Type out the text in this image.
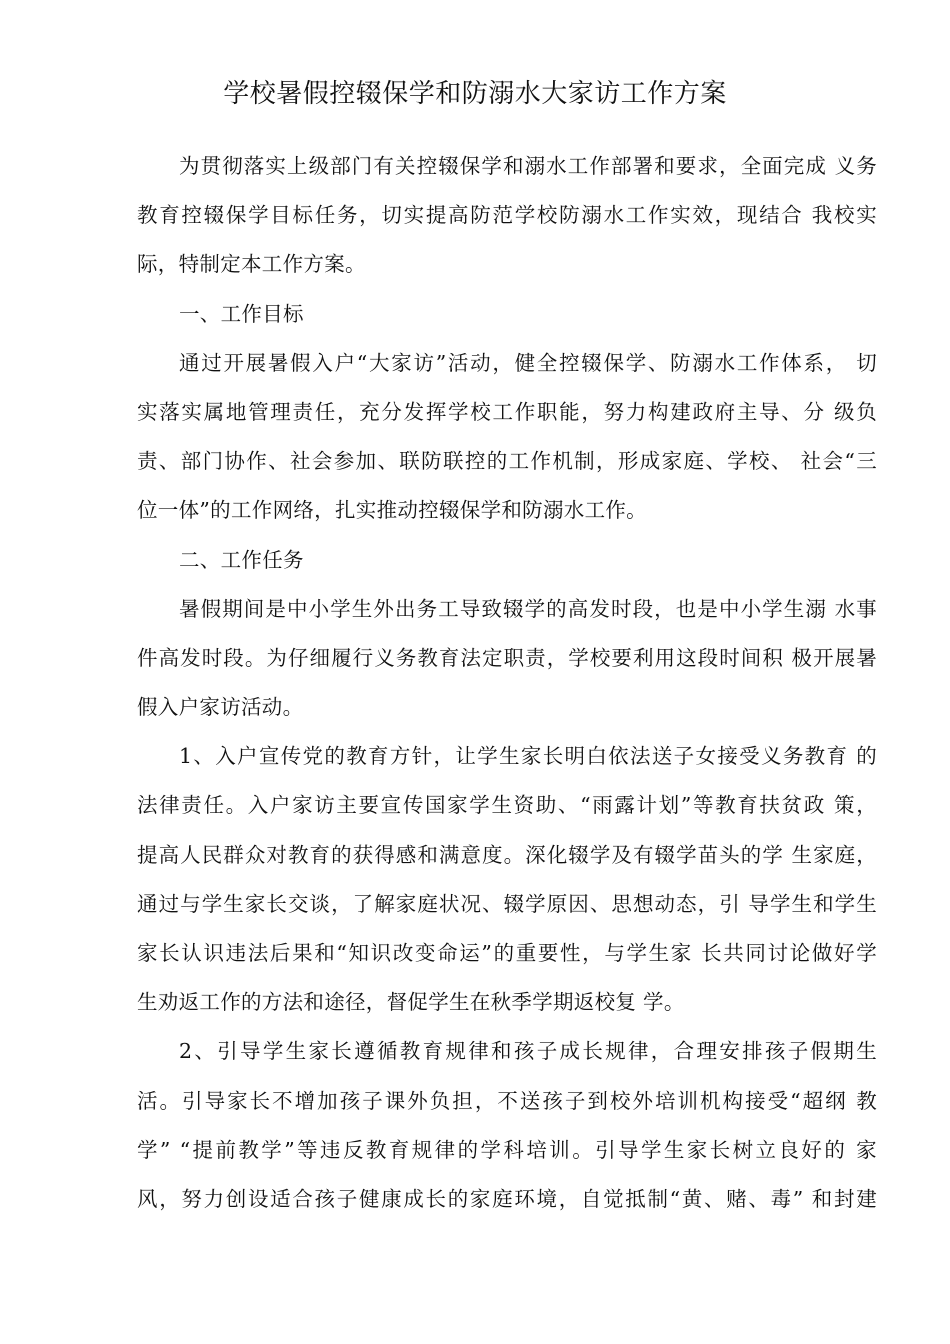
学校暑假控辍保学和防溺水大家访工作方案
为贯彻落实上级部门有关控辍保学和溺水工作部署和要求，全面完成 义务
教育控辍保学目标任务，切实提高防范学校防溺水工作实效，现结合 我校实
际，特制定本工作方案。
一、工作目标
通过开展暑假入户“大家访”活动，健全控辍保学、防溺水工作体系， 切
实落实属地管理责任，充分发挥学校工作职能，努力构建政府主导、分 级负
责、部门协作、社会参加、联防联控的工作机制，形成家庭、学校、 社会“三
位一体”的工作网络，扎实推动控辍保学和防溺水工作。
二、工作任务
暑假期间是中小学生外出务工导致辍学的高发时段，也是中小学生溺 水事
件高发时段。为仔细履行义务教育法定职责，学校要利用这段时间积 极开展暑
假入户家访活动。
1、入户宣传党的教育方针，让学生家长明白依法送子女接受义务教育 的
法律责任。入户家访主要宣传国家学生资助、“雨露计划”等教育扶贫政 策，
提高人民群众对教育的获得感和满意度。深化辍学及有辍学苗头的学 生家庭，
通过与学生家长交谈，了解家庭状况、辍学原因、思想动态，引 导学生和学生
家长认识违法后果和“知识改变命运”的重要性，与学生家 长共同讨论做好学
生劝返工作的方法和途径，督促学生在秋季学期返校复 学。
2、引导学生家长遵循教育规律和孩子成长规律，合理安排孩子假期生
活。引导家长不增加孩子课外负担，不送孩子到校外培训机构接受“超纲 教
学” “提前教学”等违反教育规律的学科培训。引导学生家长树立良好的 家
风，努力创设适合孩子健康成长的家庭环境，自觉抵制“黄、赌、毒” 和封建
